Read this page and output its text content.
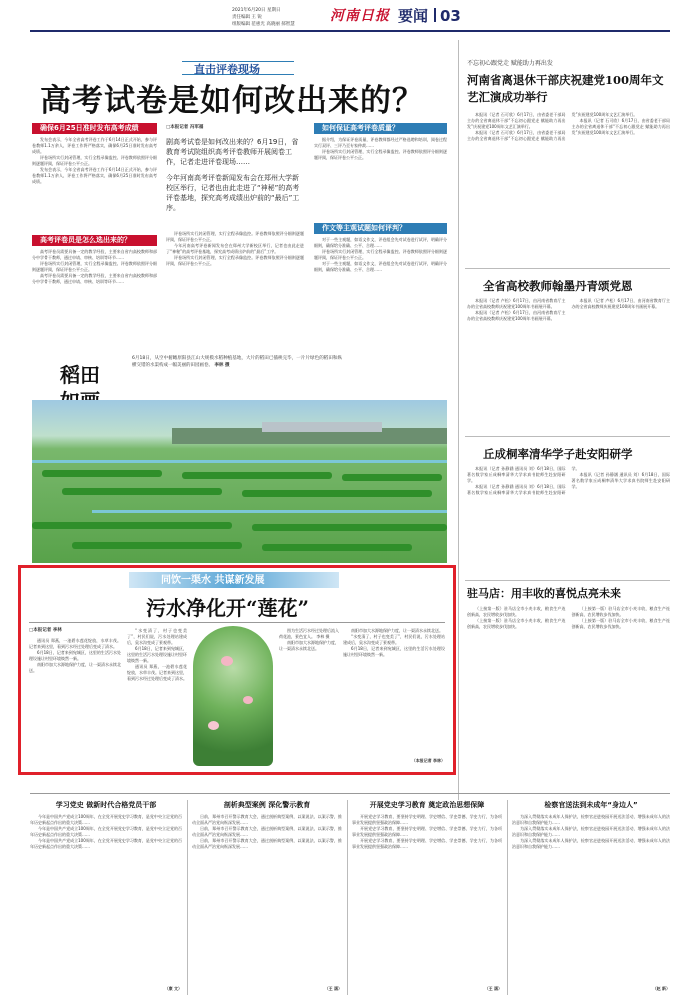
2021年6月20日 星期日
责任编辑 王 锐
组版编辑 范惠光 高晓丽 郝智慧
河南日报 要闻 03
直击评卷现场
高考试卷是如何改出来的？
确保6月25日准时发布高考成绩

发布会表示，今年全省高考评卷工作于6月14日正式开始，参与评卷教师1.1万余人，评卷工作将严格落实，确保6月25日准时发布高考成绩。

评卷场所实行封闭管理，实行全程录像监控。评卷教师依照评分细则逐题评阅，保证评卷公平公正。

发布会表示，今年全省高考评卷工作于6月14日正式开始，参与评卷教师1.1万余人，评卷工作将严格落实，确保6月25日准时发布高考成绩。

高考评卷员是怎么选出来的？

高考评卷员需要具备一定的教学经验，主要来自省内高校教师和部分中学骨干教师，通过申请、审核、培训等环节……

评卷场所实行封闭管理，实行全程录像监控。评卷教师依照评分细则逐题评阅，保证评卷公平公正。

高考评卷员需要具备一定的教学经验，主要来自省内高校教师和部分中学骨干教师，通过申请、审核、培训等环节……

□本报记者 冯军福

剧高考试卷是如何改出来的？6月19日，省教育考试院组织高考评卷教师开展阅卷工作，记者走进评卷现场……

今年河南高考评卷新闻发布会在郑州大学新校区举行，记者也由此走进了“神秘”的高考评卷基地，探究高考成绩出炉前的“最后”工序。

评卷场所实行封闭管理，实行全程录像监控。评卷教师依照评分细则逐题评阅，保证评卷公平公正。

今年河南高考评卷新闻发布会在郑州大学新校区举行，记者也由此走进了“神秘”的高考评卷基地，探究高考成绩出炉前的“最后”工序。

评卷场所实行封闭管理，实行全程录像监控。评卷教师依照评分细则逐题评阅，保证评卷公平公正。

如何保证高考评卷质量？

据介绍，为保证评卷质量，评卷教师都经过严格选聘和培训，阅卷过程实行双评、三评乃至专家仲裁……

评卷场所实行封闭管理，实行全程录像监控。评卷教师依照评分细则逐题评阅，保证评卷公平公正。

作文等主观试题如何评判？

对于一些主观题，如语文作文，评卷组会先对试卷进行试评，明确评分细则，确保给分准确、公平、合理……

评卷场所实行封闭管理，实行全程录像监控。评卷教师依照评分细则逐题评阅，保证评卷公平公正。

对于一些主观题，如语文作文，评卷组会先对试卷进行试评，明确评分细则，确保给分准确、公平、合理……

稻田
6月18日，从空中俯瞰原阳县江山大规模水稻种植基地，大片的稻田已插秧完毕，一片片绿色的稻田和纵横交错的水渠构成一幅美丽的田园画卷。 李林 摄
同饮一渠水 共谋新发展
污水净化开“莲花”
□本报记者 李林

通讯员 郑燕，一池碧水莲花绽放，水草丰茂。记者来到这里，看到污水经过处理后变成了清水。

6月18日，记者来到宛城区，这里的生活污水处理设施让村里环境焕然一新。

南阳市加大水源地保护力度，让一渠清水永续北送。

“水变清了，村子也变美了”，村民们说，污水处理站建成后，臭水沟变成了景观带。

6月18日，记者来到宛城区，这里的生活污水处理设施让村里环境焕然一新。

通讯员 郑燕，一池碧水莲花绽放，水草丰茂。记者来到这里，看到污水经过处理后变成了清水。

图为生活污水经过处理后流入荷花池，景色宜人。 李林 摄

南阳市加大水源地保护力度，让一渠清水永续北送。

南阳市加大水源地保护力度，让一渠清水永续北送。

“水变清了，村子也变美了”，村民们说，污水处理站建成后，臭水沟变成了景观带。

6月18日，记者来到宛城区，这里的生活污水处理设施让村里环境焕然一新。

（本报记者 李林）
不忘初心跟党走 赋能助力再出发
河南省离退休干部庆祝建党100周年文艺汇演成功举行

本报讯（记者 石可欣）6月17日，由省委老干部局主办的全省离退休干部“不忘初心跟党走 赋能助力再出发”庆祝建党100周年文艺汇演举行。

本报讯（记者 石可欣）6月17日，由省委老干部局主办的全省离退休干部“不忘初心跟党走 赋能助力再出发”庆祝建党100周年文艺汇演举行。

本报讯（记者 石可欣）6月17日，由省委老干部局主办的全省离退休干部“不忘初心跟党走 赋能助力再出发”庆祝建党100周年文艺汇演举行。

全省高校教师翰墨丹青颂党恩

本报讯（记者 卢松）6月17日，由河南省教育厅主办的全省高校教师庆祝建党100周年书画展开幕。

本报讯（记者 卢松）6月17日，由河南省教育厅主办的全省高校教师庆祝建党100周年书画展开幕。

本报讯（记者 卢松）6月17日，由河南省教育厅主办的全省高校教师庆祝建党100周年书画展开幕。

丘成桐率清华学子赴安阳研学

本报讯（记者 孙静涵 通讯员 刘）6月18日，国际著名数学家丘成桐率清华大学求真书院师生赴安阳研学。

本报讯（记者 孙静涵 通讯员 刘）6月18日，国际著名数学家丘成桐率清华大学求真书院师生赴安阳研学。

本报讯（记者 孙静涵 通讯员 刘）6月18日，国际著名数学家丘成桐率清华大学求真书院师生赴安阳研学。

驻马店：用丰收的喜悦点亮未来

（上接第一版）驻马店全市小麦丰收，粮食生产连创新高，农民增收步伐加快。

（上接第一版）驻马店全市小麦丰收，粮食生产连创新高，农民增收步伐加快。

（上接第一版）驻马店全市小麦丰收，粮食生产连创新高，农民增收步伐加快。

（上接第一版）驻马店全市小麦丰收，粮食生产连创新高，农民增收步伐加快。

学习党史 做新时代合格党员干部

今年是中国共产党成立100周年，在全党开展党史学习教育，是党中央立足党的百年历史新起点作出的重大决策……

今年是中国共产党成立100周年，在全党开展党史学习教育，是党中央立足党的百年历史新起点作出的重大决策……

今年是中国共产党成立100周年，在全党开展党史学习教育，是党中央立足党的百年历史新起点作出的重大决策……

（康 文）
剖析典型案例 深化警示教育

日前，郑州市召开警示教育大会，通过剖析典型案例，以案说法、以案示警，推动全面从严治党向纵深发展……

日前，郑州市召开警示教育大会，通过剖析典型案例，以案说法、以案示警，推动全面从严治党向纵深发展……

日前，郑州市召开警示教育大会，通过剖析典型案例，以案说法、以案示警，推动全面从严治党向纵深发展……

（王 涵）
开展党史学习教育 奠定政治思想保障

开展党史学习教育，要坚持学史明理、学史增信、学史崇德、学史力行，为各项事业发展提供坚强政治保障……

开展党史学习教育，要坚持学史明理、学史增信、学史崇德、学史力行，为各项事业发展提供坚强政治保障……

开展党史学习教育，要坚持学史明理、学史增信、学史崇德、学史力行，为各项事业发展提供坚强政治保障……

（王 涵）
检察官送法到未成年“身边人”

为深入贯彻落实未成年人保护法，检察官走进校园开展送法活动，增强未成年人的法治意识和自我保护能力……

为深入贯彻落实未成年人保护法，检察官走进校园开展送法活动，增强未成年人的法治意识和自我保护能力……

为深入贯彻落实未成年人保护法，检察官走进校园开展送法活动，增强未成年人的法治意识和自我保护能力……

（赵 新）
